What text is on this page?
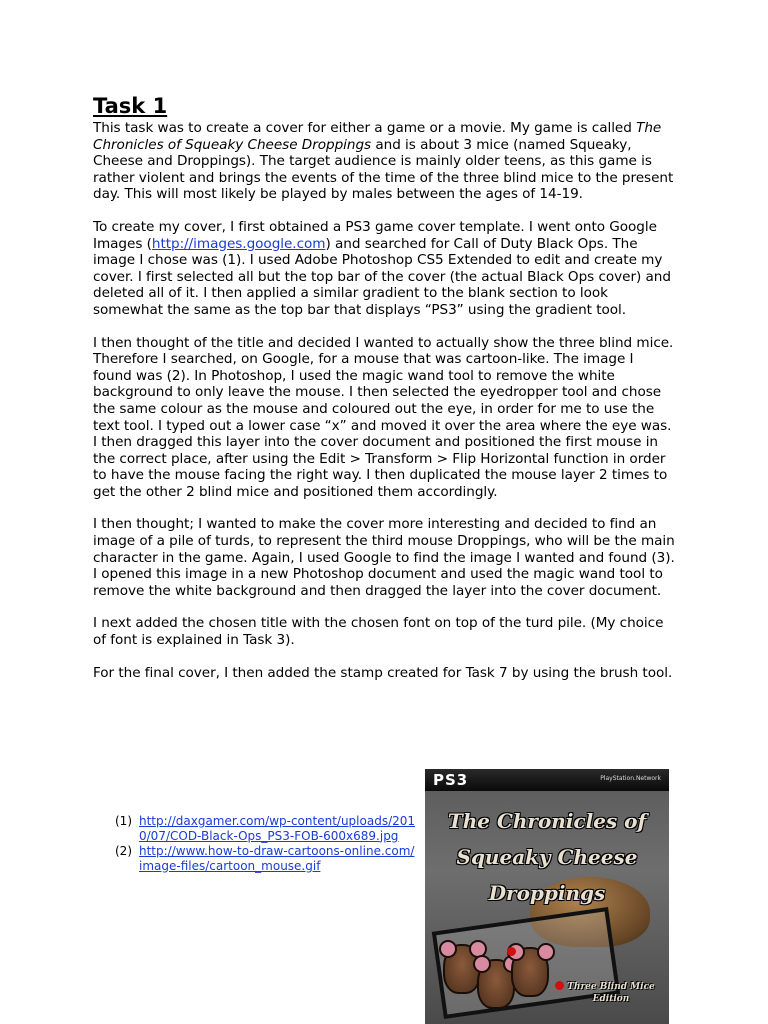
Task 1

This task was to create a cover for either a game or a movie. My game is called The Chronicles of Squeaky Cheese Droppings and is about 3 mice (named Squeaky, Cheese and Droppings). The target audience is mainly older teens, as this game is rather violent and brings the events of the time of the three blind mice to the present day. This will most likely be played by males between the ages of 14-19.

To create my cover, I first obtained a PS3 game cover template. I went onto Google Images (http://images.google.com) and searched for Call of Duty Black Ops. The image I chose was (1). I used Adobe Photoshop CS5 Extended to edit and create my cover. I first selected all but the top bar of the cover (the actual Black Ops cover) and deleted all of it. I then applied a similar gradient to the blank section to look somewhat the same as the top bar that displays “PS3” using the gradient tool.

I then thought of the title and decided I wanted to actually show the three blind mice. Therefore I searched, on Google, for a mouse that was cartoon-like. The image I found was (2). In Photoshop, I used the magic wand tool to remove the white background to only leave the mouse. I then selected the eyedropper tool and chose the same colour as the mouse and coloured out the eye, in order for me to use the text tool. I typed out a lower case “x” and moved it over the area where the eye was. I then dragged this layer into the cover document and positioned the first mouse in the correct place, after using the Edit > Transform > Flip Horizontal function in order to have the mouse facing the right way. I then duplicated the mouse layer 2 times to get the other 2 blind mice and positioned them accordingly.

I then thought; I wanted to make the cover more interesting and decided to find an image of a pile of turds, to represent the third mouse Droppings, who will be the main character in the game. Again, I used Google to find the image I wanted and found (3). I opened this image in a new Photoshop document and used the magic wand tool to remove the white background and then dragged the layer into the cover document.

I next added the chosen title with the chosen font on top of the turd pile. (My choice of font is explained in Task 3).

For the final cover, I then added the stamp created for Task 7 by using the brush tool.

(1) http://daxgamer.com/wp-content/uploads/2010/07/COD-Black-Ops_PS3-FOB-600x689.jpg
(2) http://www.how-to-draw-cartoons-online.com/image-files/cartoon_mouse.gif
PS3	PlayStation.Network
The Chronicles of Squeaky Cheese Droppings
Three Blind Mice Edition
